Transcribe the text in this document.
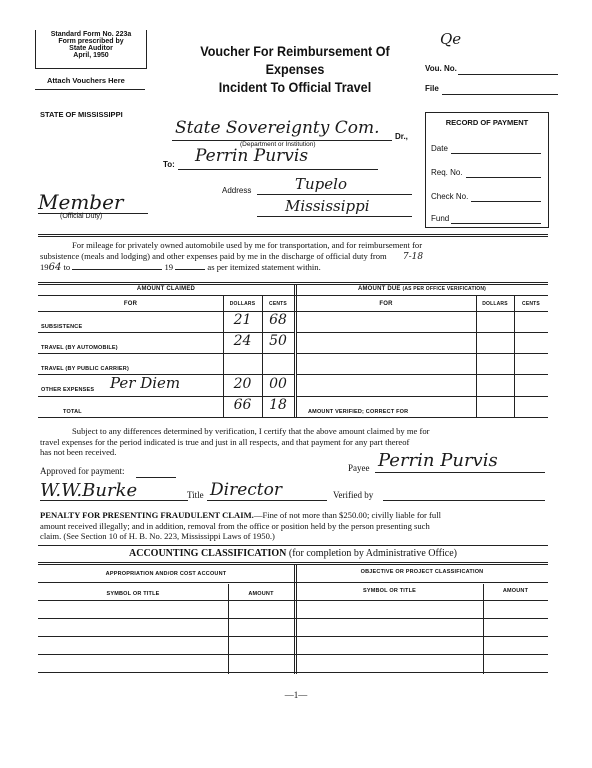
Standard Form No. 223a
Form prescribed by
State Auditor
April, 1950
Attach Vouchers Here
Voucher For Reimbursement Of Expenses
Incident To Official Travel
Qe
Vou. No.
File
STATE OF MISSISSIPPI
State Sovereignty Com. Dr.,
(Department or Institution)
To: Perrin Purvis
Address	Tupelo
Mississippi
Member
(Official Duty)
RECORD OF PAYMENT
Date
Req. No.
Check No.
Fund
For mileage for privately owned automobile used by me for transportation, and for reimbursement for
subsistence (meals and lodging) and other expenses paid by me in the discharge of official duty from 7-18
1964 to	19	as per itemized statement within.
AMOUNT CLAIMED	AMOUNT DUE (AS PER OFFICE VERIFICATION)
FOR	DOLLARS	CENTS	FOR	DOLLARS	CENTS
SUBSISTENCE	21	68
TRAVEL (BY AUTOMOBILE)	24	50
TRAVEL (BY PUBLIC CARRIER)
OTHER EXPENSES Per Diem	20	00
TOTAL	66	18	AMOUNT VERIFIED; CORRECT FOR
Subject to any differences determined by verification, I certify that the above amount claimed by me for
travel expenses for the period indicated is true and just in all respects, and that payment for any part thereof
has not been received.
Approved for payment:	Payee Perrin Purvis
W.W.Burke	Title Director	Verified by
PENALTY FOR PRESENTING FRAUDULENT CLAIM.—Fine of not more than $250.00; civilly liable for full
amount received illegally; and in addition, removal from the office or position held by the person presenting such
claim. (See Section 10 of H. B. No. 223, Mississippi Laws of 1950.)
ACCOUNTING CLASSIFICATION (for completion by Administrative Office)
APPROPRIATION AND/OR COST ACCOUNT	OBJECTIVE OR PROJECT CLASSIFICATION
SYMBOL OR TITLE	AMOUNT	SYMBOL OR TITLE	AMOUNT
—1—
